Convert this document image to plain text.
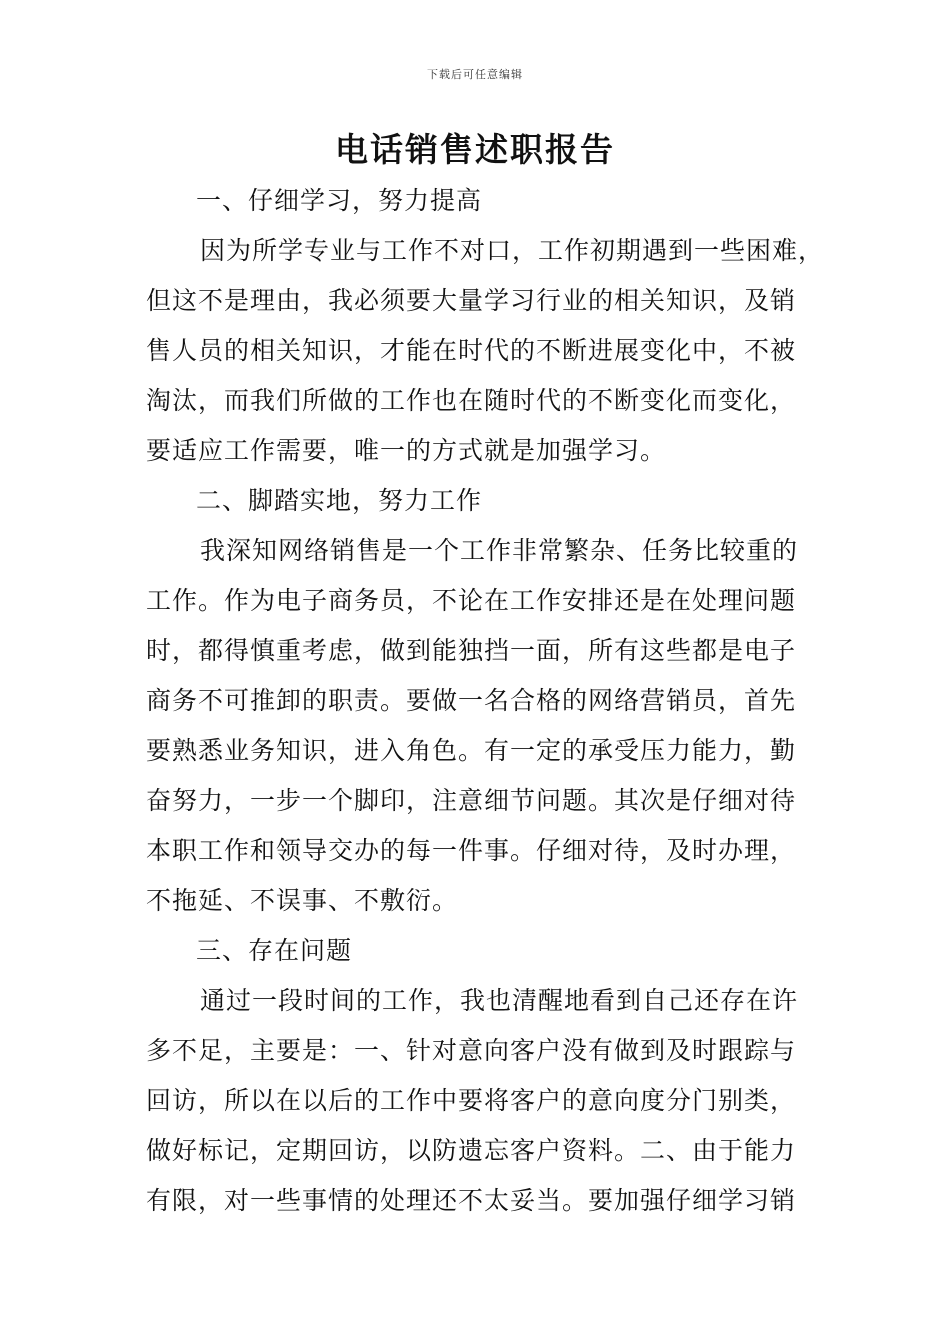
下载后可任意编辑
电话销售述职报告
一、仔细学习，努力提高
因为所学专业与工作不对口，工作初期遇到一些困难，
但这不是理由，我必须要大量学习行业的相关知识，及销
售人员的相关知识，才能在时代的不断进展变化中，不被
淘汰，而我们所做的工作也在随时代的不断变化而变化，
要适应工作需要，唯一的方式就是加强学习。
二、脚踏实地，努力工作
我深知网络销售是一个工作非常繁杂、任务比较重的
工作。作为电子商务员，不论在工作安排还是在处理问题
时，都得慎重考虑，做到能独挡一面，所有这些都是电子
商务不可推卸的职责。要做一名合格的网络营销员，首先
要熟悉业务知识，进入角色。有一定的承受压力能力，勤
奋努力，一步一个脚印，注意细节问题。其次是仔细对待
本职工作和领导交办的每一件事。仔细对待，及时办理，
不拖延、不误事、不敷衍。
三、存在问题
通过一段时间的工作，我也清醒地看到自己还存在许
多不足，主要是：一、针对意向客户没有做到及时跟踪与
回访，所以在以后的工作中要将客户的意向度分门别类，
做好标记，定期回访，以防遗忘客户资料。二、由于能力
有限，对一些事情的处理还不太妥当。要加强仔细学习销
